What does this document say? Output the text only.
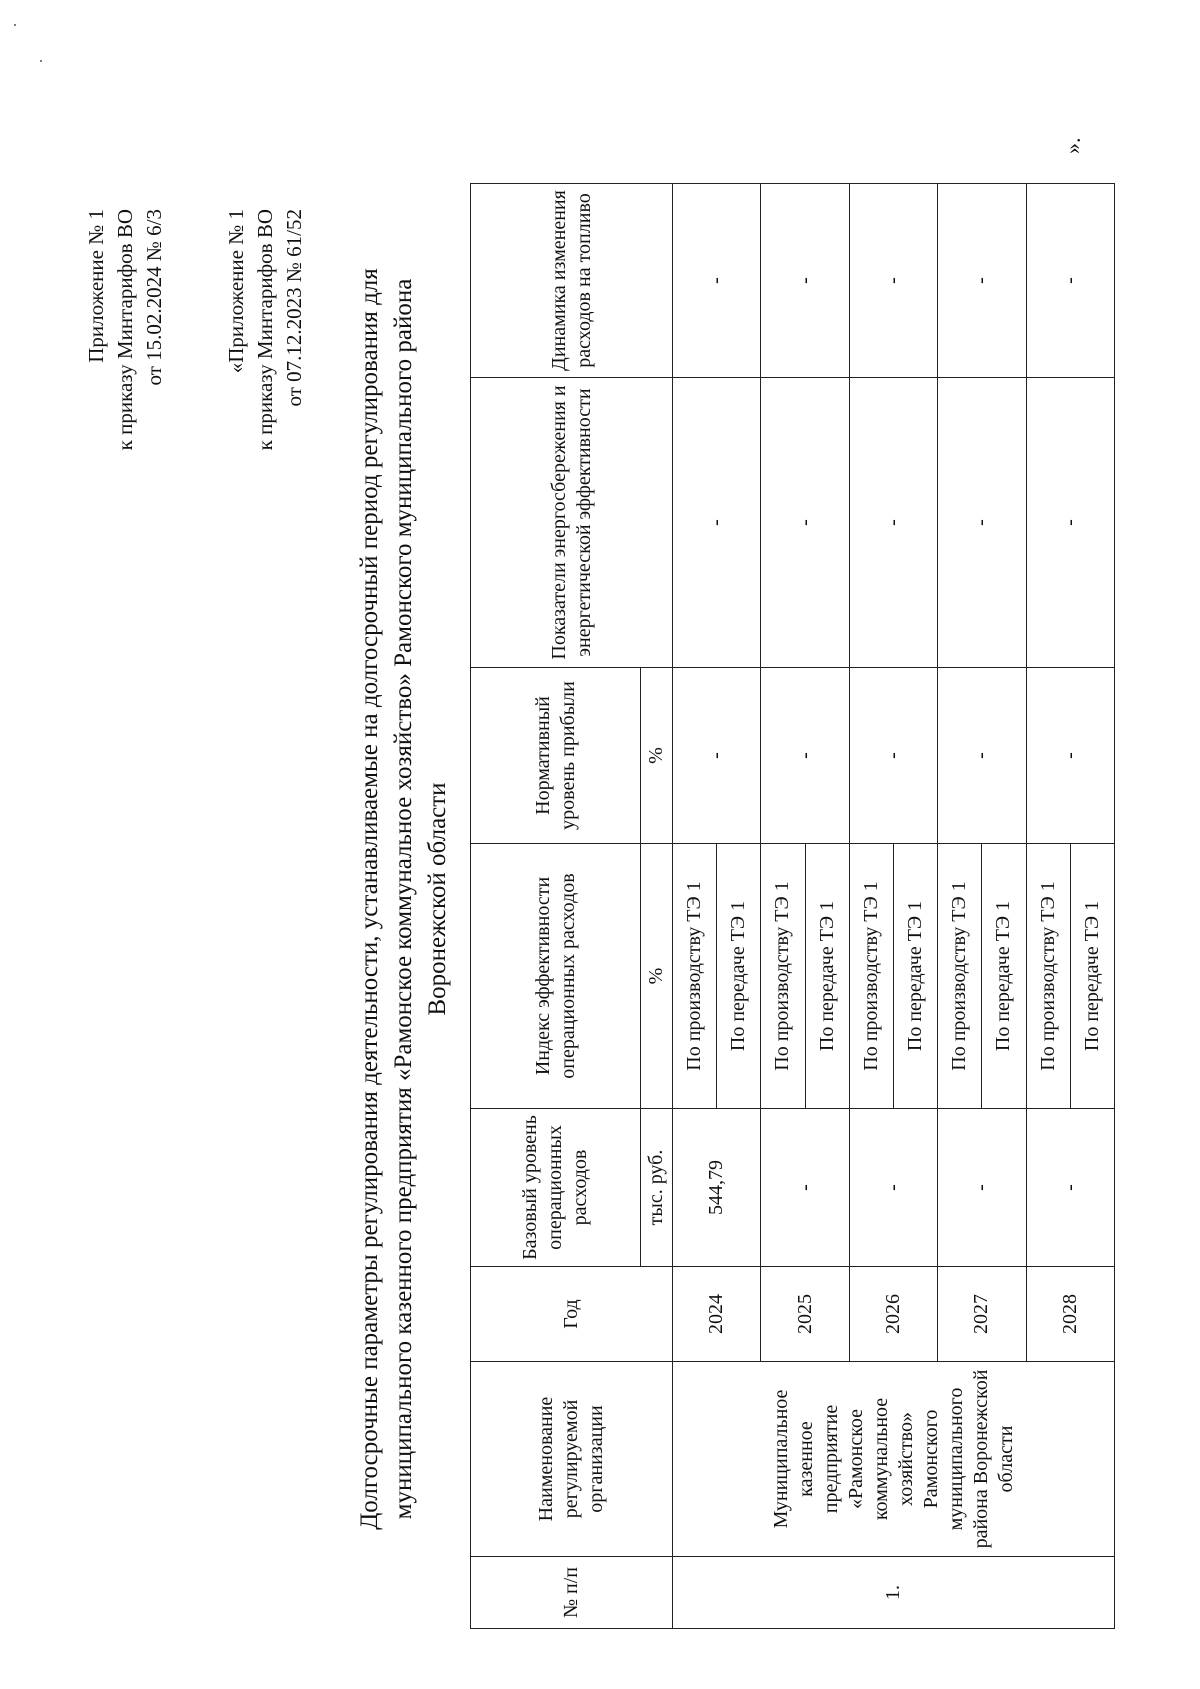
Приложение № 1 к приказу Минтарифов ВО от 15.02.2024 № 6/3	«Приложение № 1 к приказу Минтарифов ВО от 07.12.2023 № 61/52 Долгосрочные параметры регулирования деятельности, устанавливаемые на долгосрочный период регулирования для муниципального казенного предприятия «Рамонское коммунальное хозяйство» Рамонского муниципального района Воронежской области
№ п/п	Наименование регулируемой организации	Год	Базовый уровень операционных расходов	Индекс эффективности операционных расходов	Нормативный уровень прибыли	Показатели энергосбережения и энергетической эффективности	Динамика изменения расходов на топливо
			тыс. руб.	%	%		
1.	Муниципальное казенное предприятие «Рамонское коммунальное хозяйство» Рамонского муниципального района Воронежской области	2024	544,79	По производству ТЭ 1	-	-	-
				По передаче ТЭ 1			
		2025	-	По производству ТЭ 1	-	-	-
				По передаче ТЭ 1			
		2026	-	По производству ТЭ 1	-	-	-
				По передаче ТЭ 1			
		2027	-	По производству ТЭ 1	-	-	-
				По передаче ТЭ 1			
		2028	-	По производству ТЭ 1	-	-	-
				По передаче ТЭ 1			
».
